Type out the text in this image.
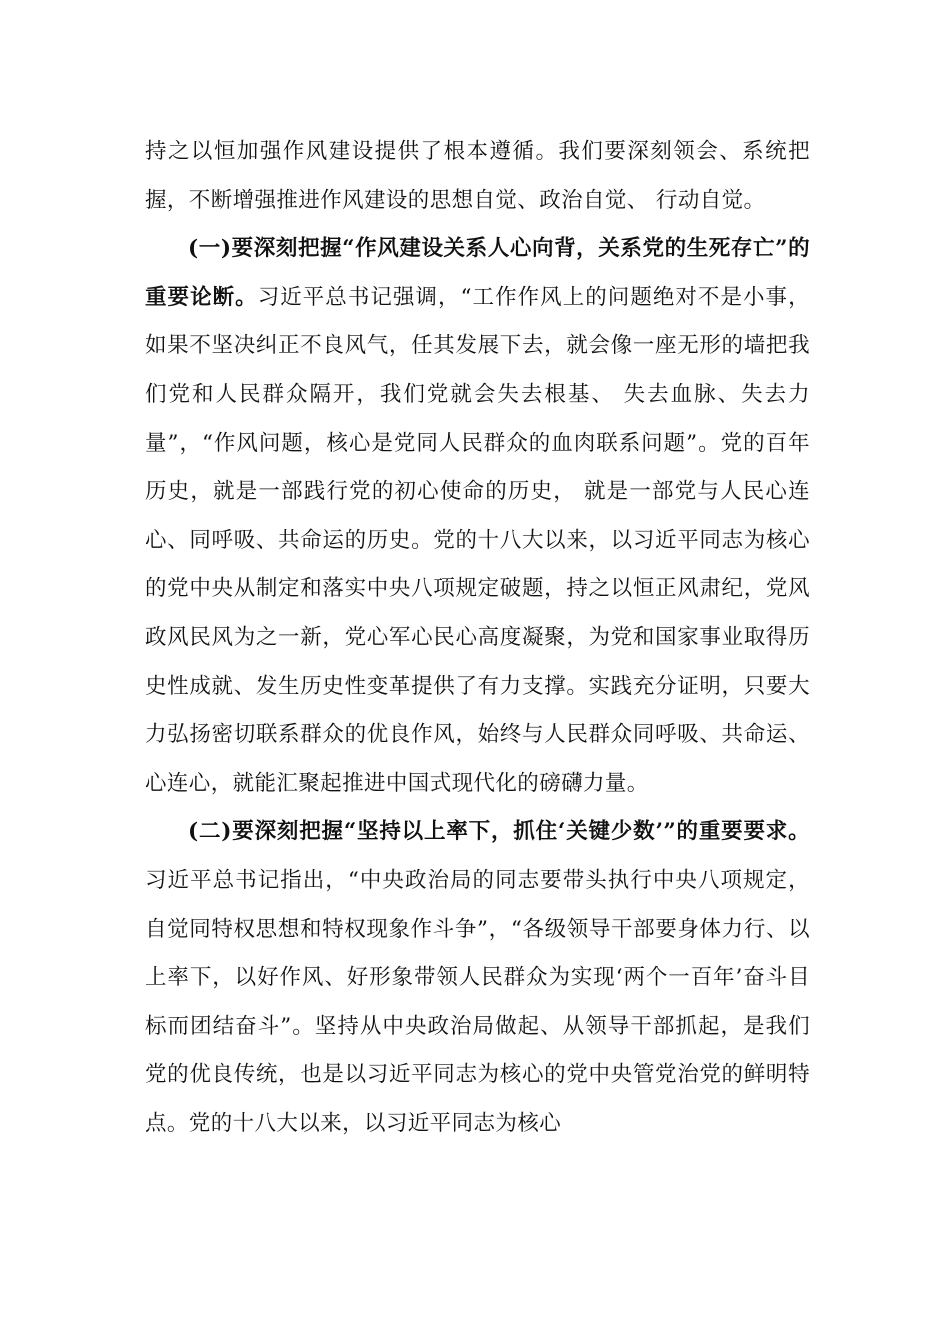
持之以恒加强作风建设提供了根本遵循。我们要深刻领会、系统把握，不断增强推进作风建设的思想自觉、政治自觉、 行动自觉。

(一)要深刻把握“作风建设关系人心向背，关系党的生死存亡”的重要论断。习近平总书记强调，“工作作风上的问题绝对不是小事，如果不坚决纠正不良风气，任其发展下去，就会像一座无形的墙把我们党和人民群众隔开，我们党就会失去根基、 失去血脉、失去力量”，“作风问题，核心是党同人民群众的血肉联系问题”。党的百年历史，就是一部践行党的初心使命的历史， 就是一部党与人民心连心、同呼吸、共命运的历史。党的十八大以来，以习近平同志为核心的党中央从制定和落实中央八项规定破题，持之以恒正风肃纪，党风政风民风为之一新，党心军心民心高度凝聚，为党和国家事业取得历史性成就、发生历史性变革提供了有力支撑。实践充分证明，只要大力弘扬密切联系群众的优良作风，始终与人民群众同呼吸、共命运、心连心，就能汇聚起推进中国式现代化的磅礴力量。

(二)要深刻把握“坚持以上率下，抓住‘关键少数’”的重要要求。习近平总书记指出，“中央政治局的同志要带头执行中央八项规定，自觉同特权思想和特权现象作斗争”，“各级领导干部要身体力行、以上率下，以好作风、好形象带领人民群众为实现‘两个一百年’奋斗目标而团结奋斗”。坚持从中央政治局做起、从领导干部抓起，是我们党的优良传统，也是以习近平同志为核心的党中央管党治党的鲜明特点。党的十八大以来，以习近平同志为核心
